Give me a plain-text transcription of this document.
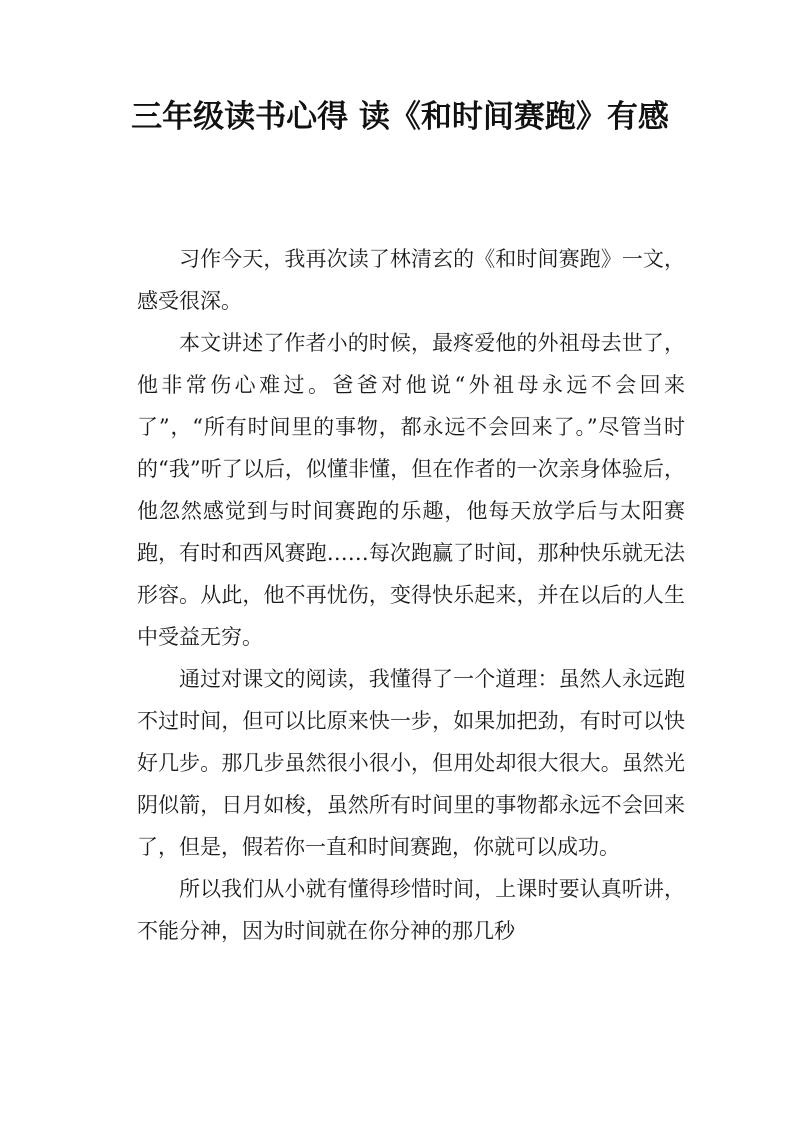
三年级读书心得 读《和时间赛跑》有感

习作今天，我再次读了林清玄的《和时间赛跑》一文，感受很深。

本文讲述了作者小的时候，最疼爱他的外祖母去世了，他非常伤心难过。爸爸对他说“外祖母永远不会回来了”，“所有时间里的事物，都永远不会回来了。”尽管当时的“我”听了以后，似懂非懂，但在作者的一次亲身体验后，他忽然感觉到与时间赛跑的乐趣，他每天放学后与太阳赛跑，有时和西风赛跑……每次跑赢了时间，那种快乐就无法形容。从此，他不再忧伤，变得快乐起来，并在以后的人生中受益无穷。

通过对课文的阅读，我懂得了一个道理：虽然人永远跑不过时间，但可以比原来快一步，如果加把劲，有时可以快好几步。那几步虽然很小很小，但用处却很大很大。虽然光阴似箭，日月如梭，虽然所有时间里的事物都永远不会回来了，但是，假若你一直和时间赛跑，你就可以成功。

所以我们从小就有懂得珍惜时间，上课时要认真听讲，不能分神，因为时间就在你分神的那几秒
